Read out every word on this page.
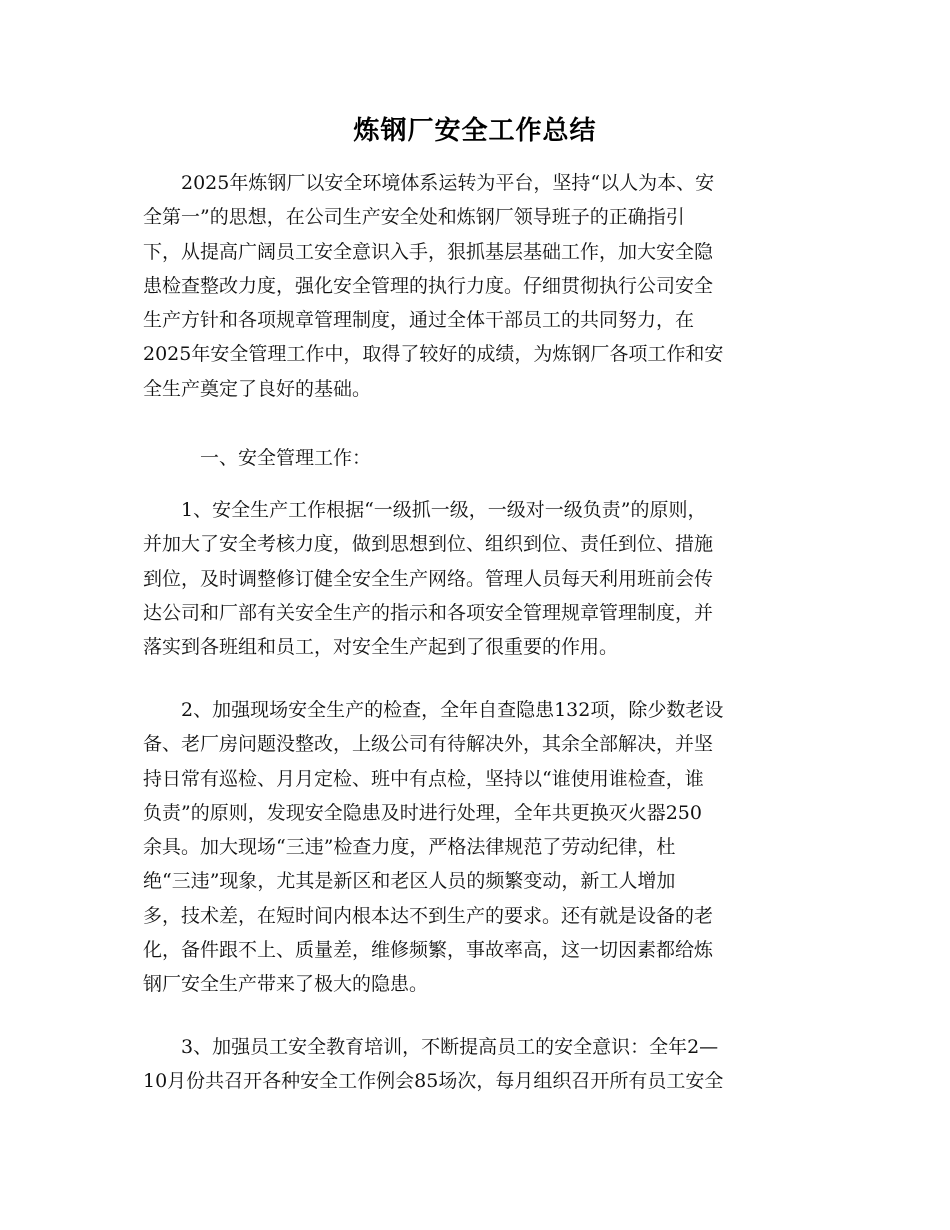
炼钢厂安全工作总结
　　2025年炼钢厂以安全环境体系运转为平台，坚持“以人为本、安
全第一”的思想，在公司生产安全处和炼钢厂领导班子的正确指引
下，从提高广阔员工安全意识入手，狠抓基层基础工作，加大安全隐
患检查整改力度，强化安全管理的执行力度。仔细贯彻执行公司安全
生产方针和各项规章管理制度，通过全体干部员工的共同努力，在
2025年安全管理工作中，取得了较好的成绩，为炼钢厂各项工作和安
全生产奠定了良好的基础。
一、安全管理工作：
　　1、安全生产工作根据“一级抓一级，一级对一级负责”的原则，
并加大了安全考核力度，做到思想到位、组织到位、责任到位、措施
到位，及时调整修订健全安全生产网络。管理人员每天利用班前会传
达公司和厂部有关安全生产的指示和各项安全管理规章管理制度，并
落实到各班组和员工，对安全生产起到了很重要的作用。
　　2、加强现场安全生产的检查，全年自查隐患132项，除少数老设
备、老厂房问题没整改，上级公司有待解决外，其余全部解决，并坚
持日常有巡检、月月定检、班中有点检，坚持以“谁使用谁检查，谁
负责”的原则，发现安全隐患及时进行处理，全年共更换灭火器250
余具。加大现场“三违”检查力度，严格法律规范了劳动纪律，杜
绝“三违”现象，尤其是新区和老区人员的频繁变动，新工人增加
多，技术差，在短时间内根本达不到生产的要求。还有就是设备的老
化，备件跟不上、质量差，维修频繁，事故率高，这一切因素都给炼
钢厂安全生产带来了极大的隐患。
　　3、加强员工安全教育培训，不断提高员工的安全意识：全年2—
10月份共召开各种安全工作例会85场次，每月组织召开所有员工安全
